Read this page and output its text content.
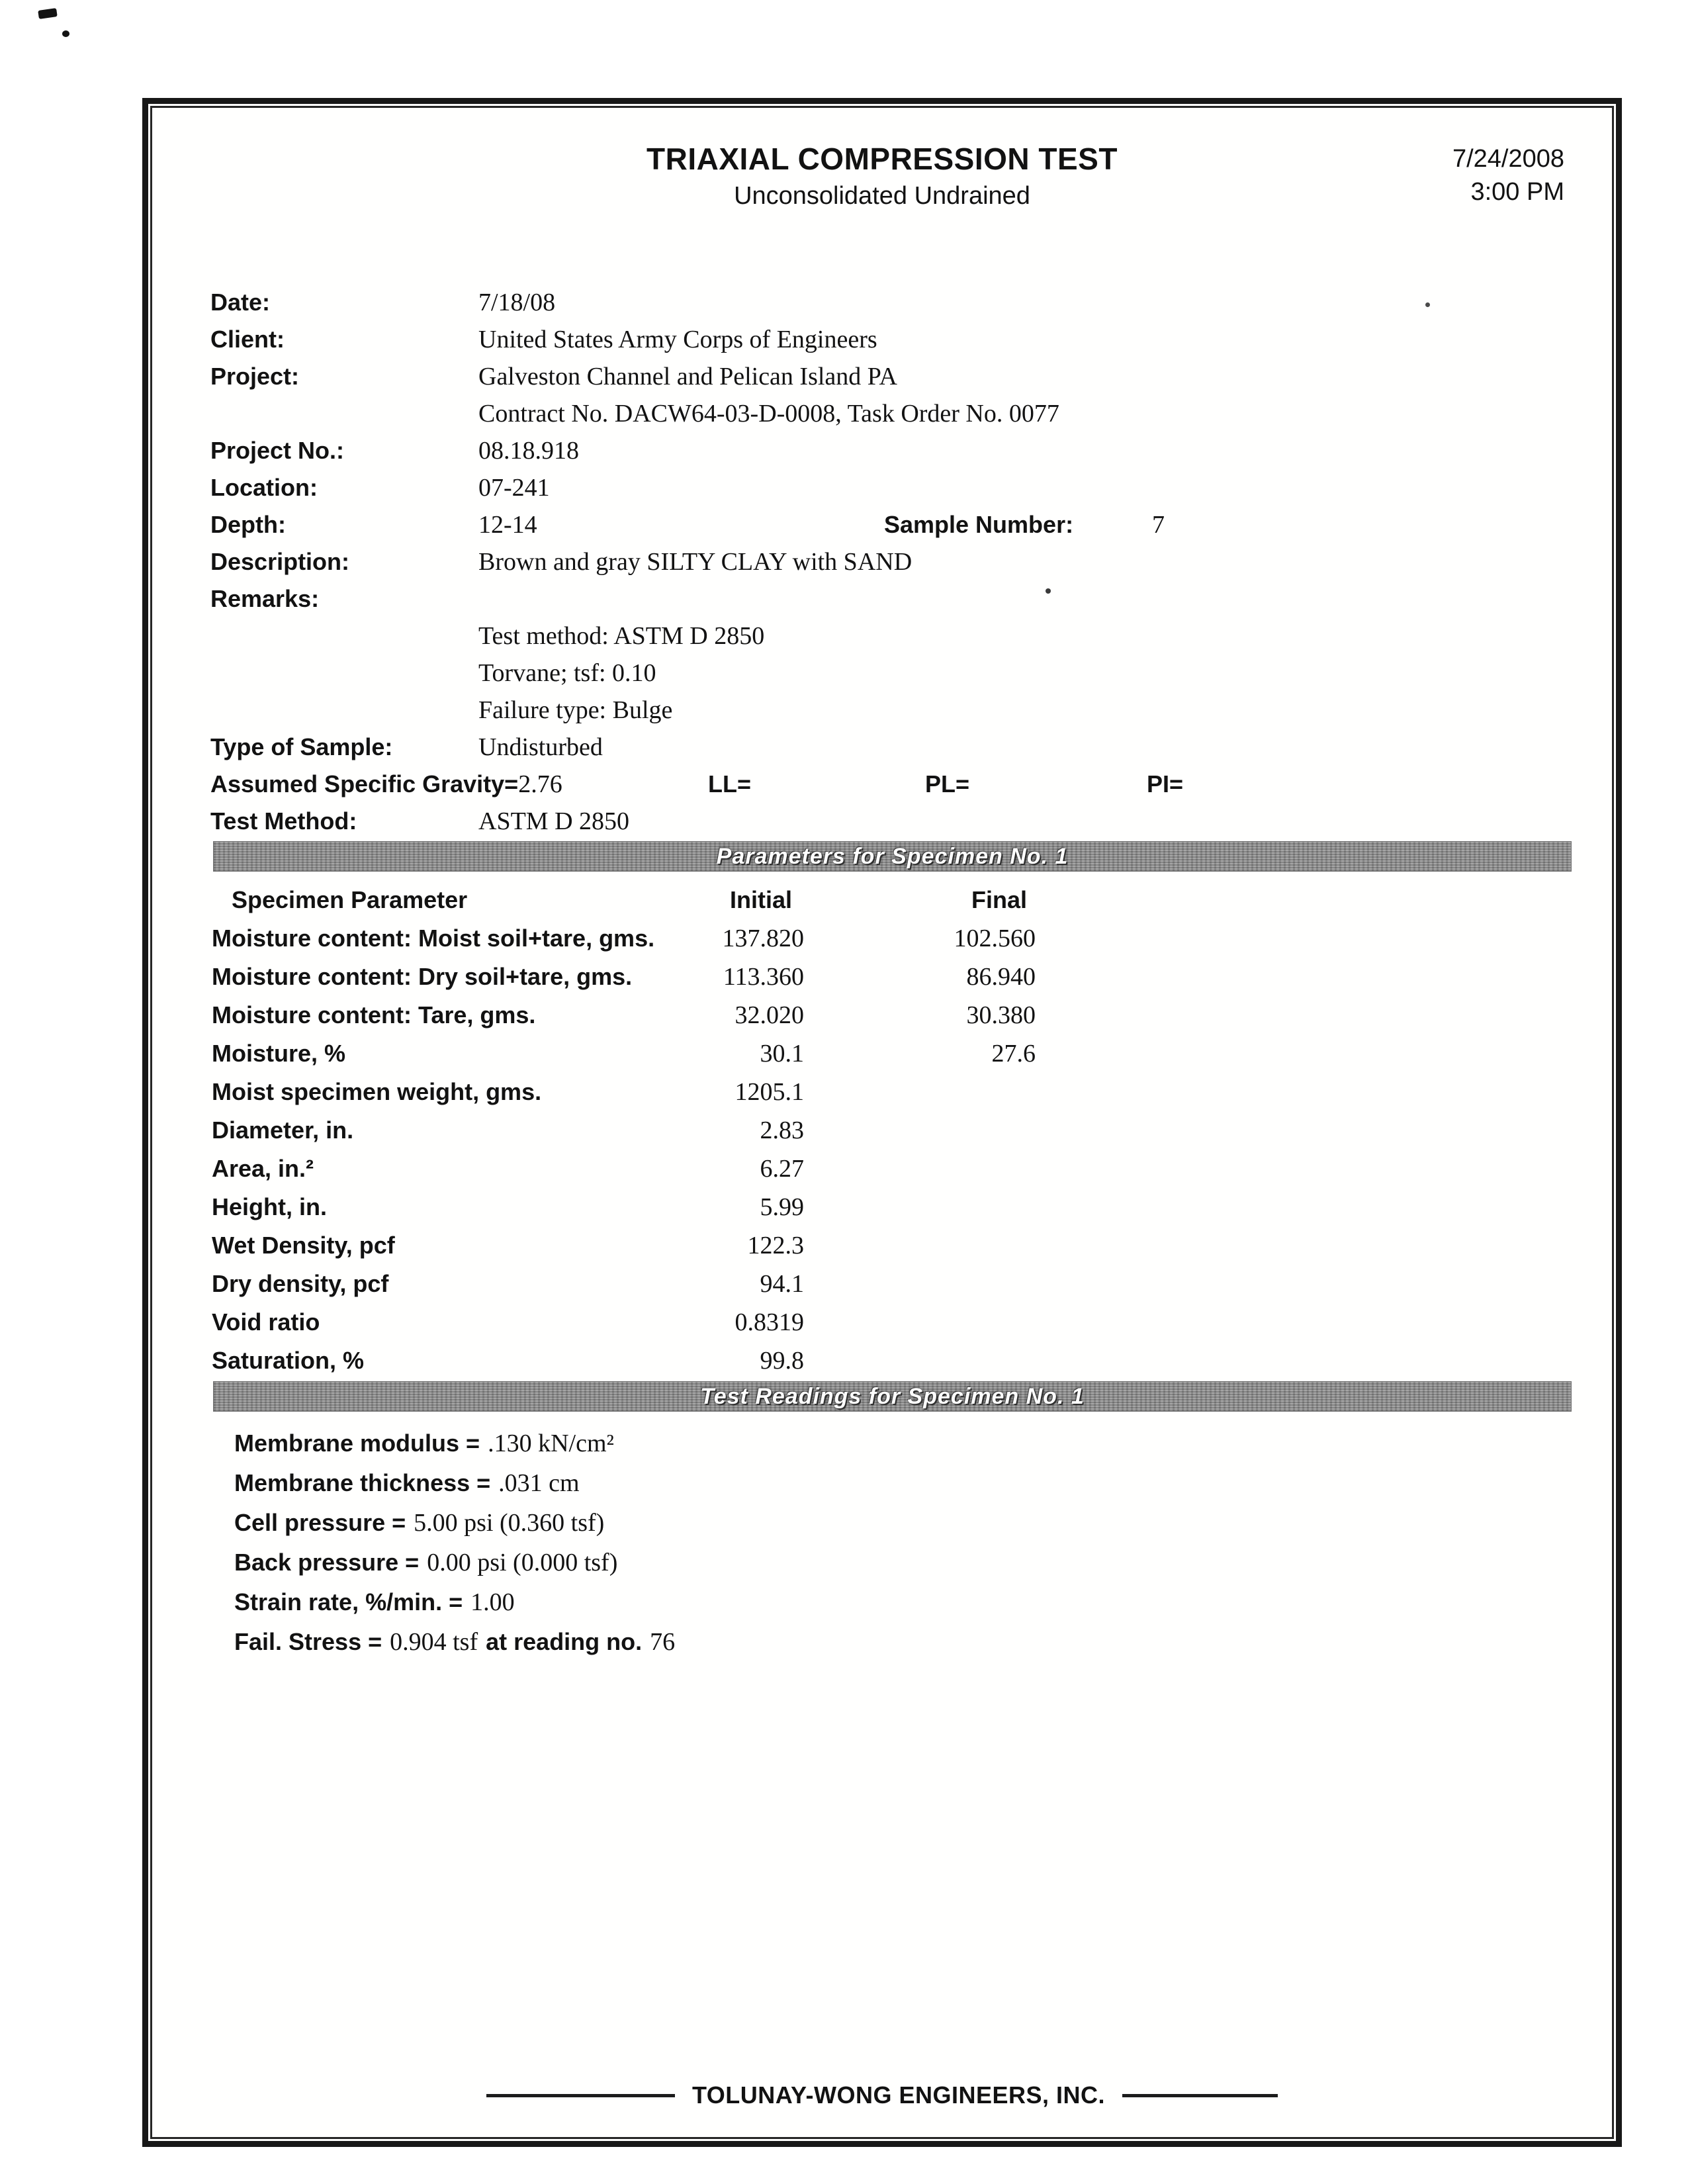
TRIAXIAL COMPRESSION TEST
Unconsolidated Undrained
7/24/2008
3:00 PM
Date:	7/18/08
Client:	United States Army Corps of Engineers
Project:	Galveston Channel and Pelican Island PA
Contract No. DACW64-03-D-0008, Task Order No. 0077
Project No.:	08.18.918
Location:	07-241
Depth:	12-14	Sample Number:	7
Description:	Brown and gray SILTY CLAY with SAND
Remarks:
Test method: ASTM D 2850
Torvane; tsf: 0.10
Failure type: Bulge
Type of Sample:	Undisturbed
Assumed Specific Gravity=2.76	LL=	PL=	PI=
Test Method:	ASTM D 2850
Parameters for Specimen No. 1
Specimen Parameter	Initial	Final
Moisture content: Moist soil+tare, gms.	137.820	102.560
Moisture content: Dry soil+tare, gms.	113.360	86.940
Moisture content: Tare, gms.	32.020	30.380
Moisture, %	30.1	27.6
Moist specimen weight, gms.	1205.1
Diameter, in.	2.83
Area, in.²	6.27
Height, in.	5.99
Wet Density, pcf	122.3
Dry density, pcf	94.1
Void ratio	0.8319
Saturation, %	99.8
Test Readings for Specimen No. 1
Membrane modulus = .130 kN/cm²
Membrane thickness = .031 cm
Cell pressure = 5.00 psi (0.360 tsf)
Back pressure = 0.00 psi (0.000 tsf)
Strain rate, %/min. = 1.00
Fail. Stress = 0.904 tsf at reading no. 76
TOLUNAY-WONG ENGINEERS, INC.
